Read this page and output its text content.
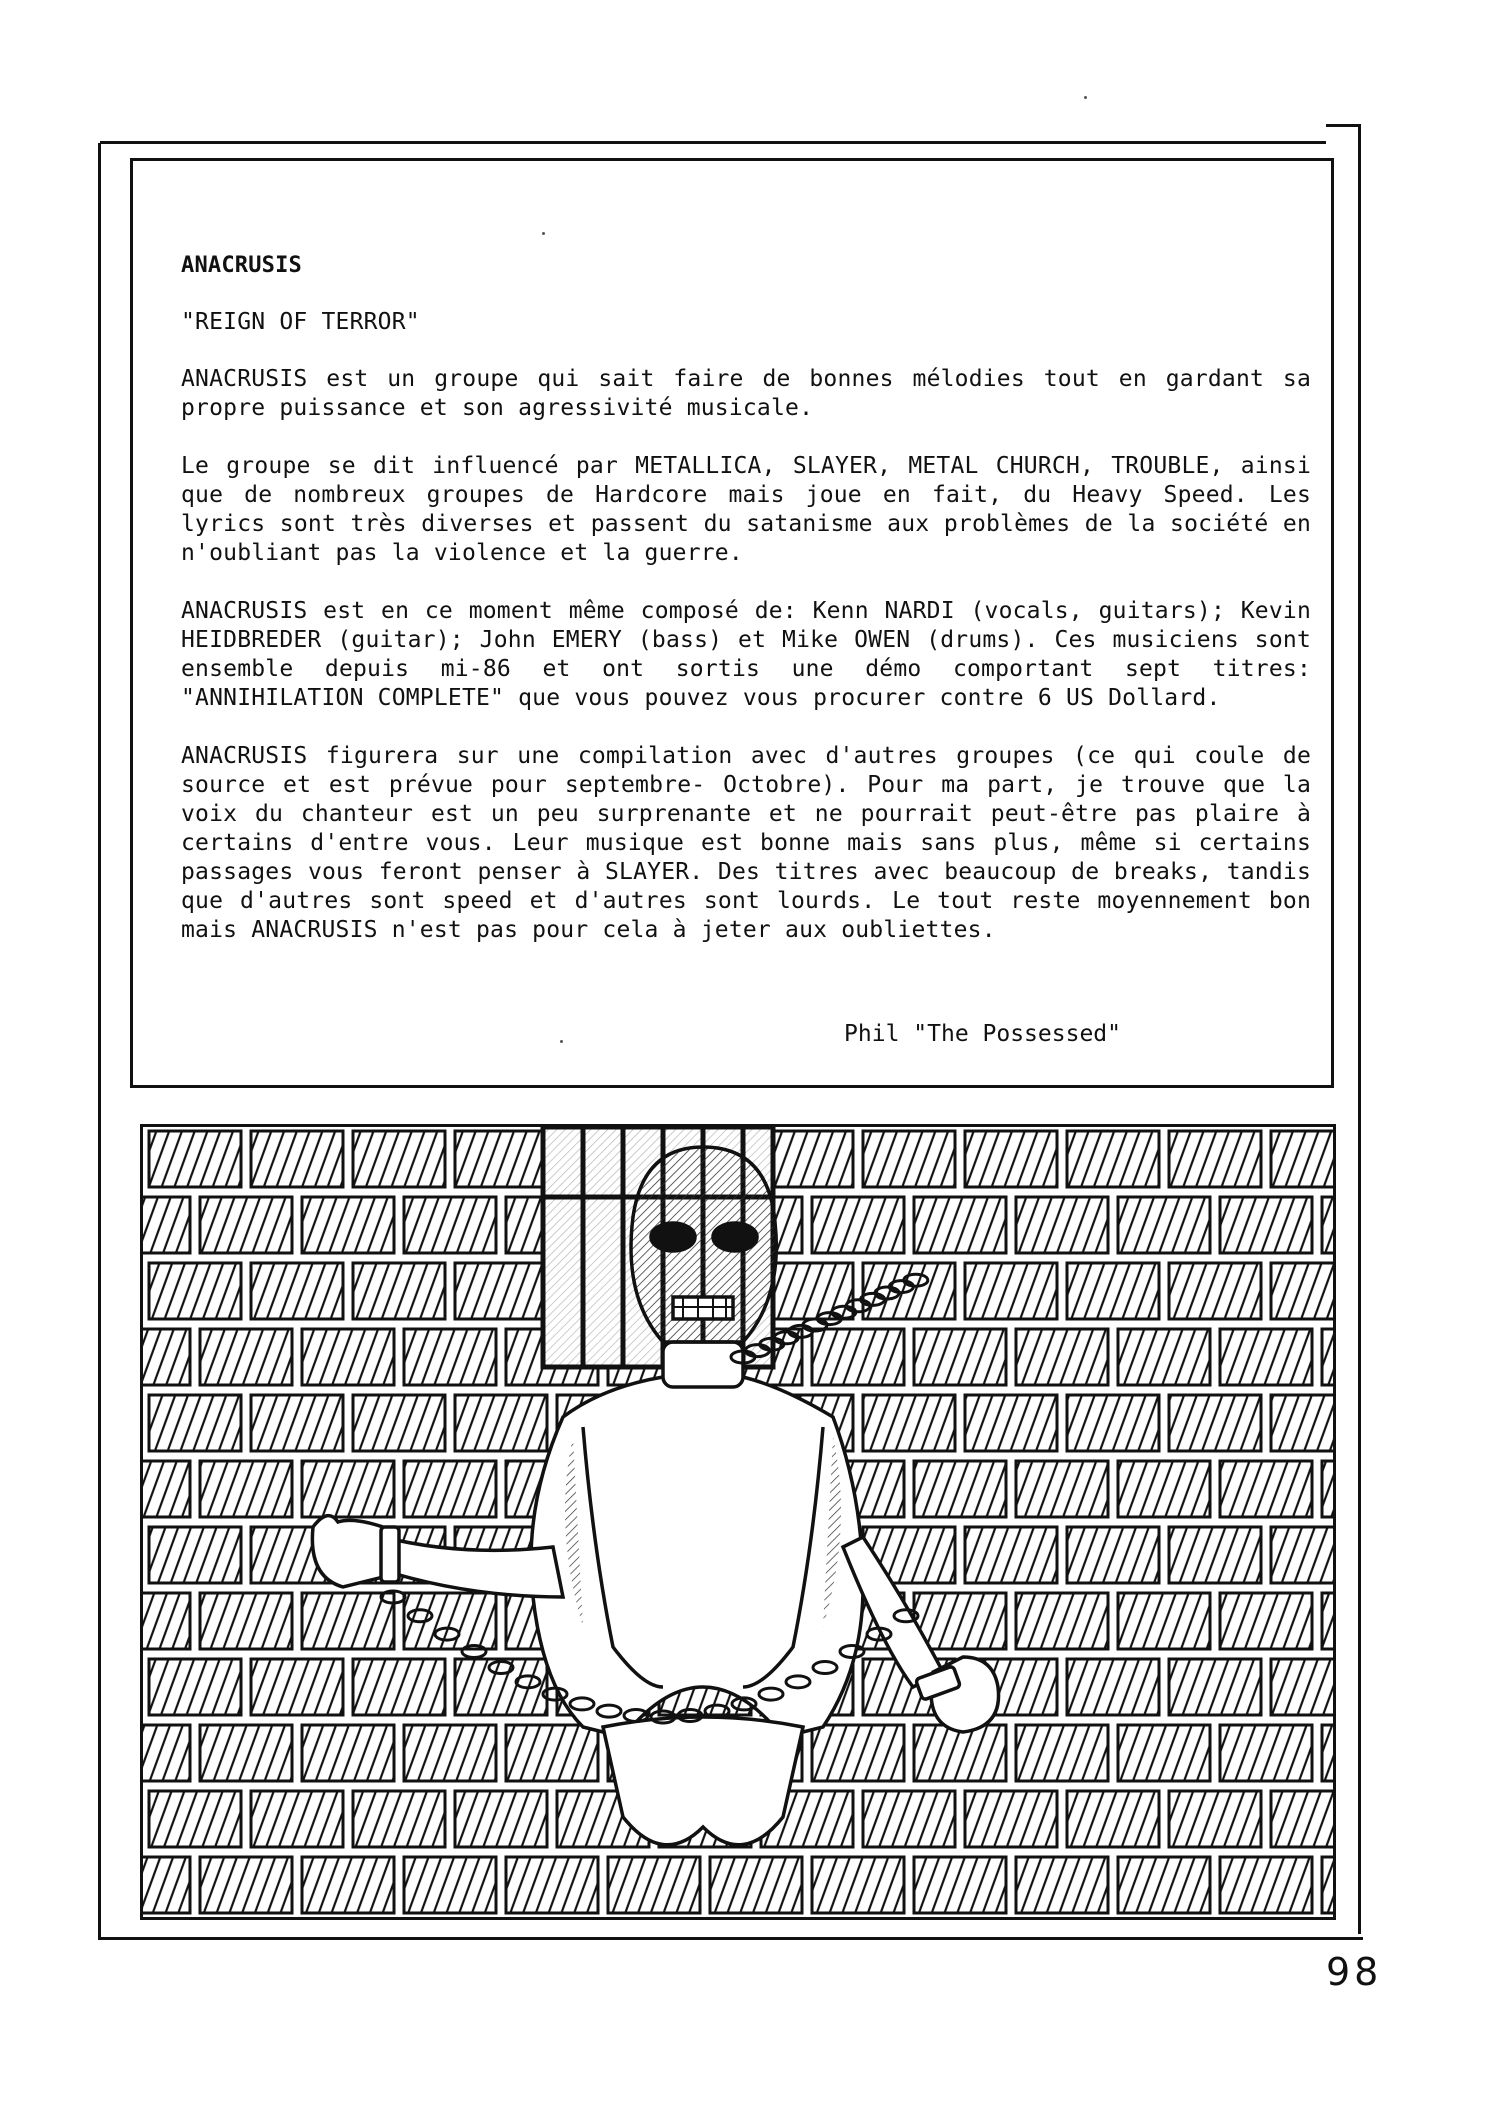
ANACRUSIS
"REIGN OF TERROR"

ANACRUSIS est un groupe qui sait faire de bonnes mélodies tout en gardant sa propre puissance et son agressivité musicale.

Le groupe se dit influencé par METALLICA, SLAYER, METAL CHURCH, TROUBLE, ainsi que de nombreux groupes de Hardcore mais joue en fait, du Heavy Speed. Les lyrics sont très diverses et passent du satanisme aux problèmes de la société en n'oubliant pas la violence et la guerre.

ANACRUSIS est en ce moment même composé de: Kenn NARDI (vocals, guitars); Kevin HEIDBREDER (guitar); John EMERY (bass) et Mike OWEN (drums). Ces musiciens sont ensemble depuis mi-86 et ont sortis une démo comportant sept titres: "ANNIHILATION COMPLETE" que vous pouvez vous procurer contre 6 US Dollard.

ANACRUSIS figurera sur une compilation avec d'autres groupes (ce qui coule de source et est prévue pour septembre- Octobre). Pour ma part, je trouve que la voix du chanteur est un peu surprenante et ne pourrait peut-être pas plaire à certains d'entre vous. Leur musique est bonne mais sans plus, même si certains passages vous feront penser à SLAYER. Des titres avec beaucoup de breaks, tandis que d'autres sont speed et d'autres sont lourds. Le tout reste moyennement bon mais ANACRUSIS n'est pas pour cela à jeter aux oubliettes.

Phil "The Possessed"
98
